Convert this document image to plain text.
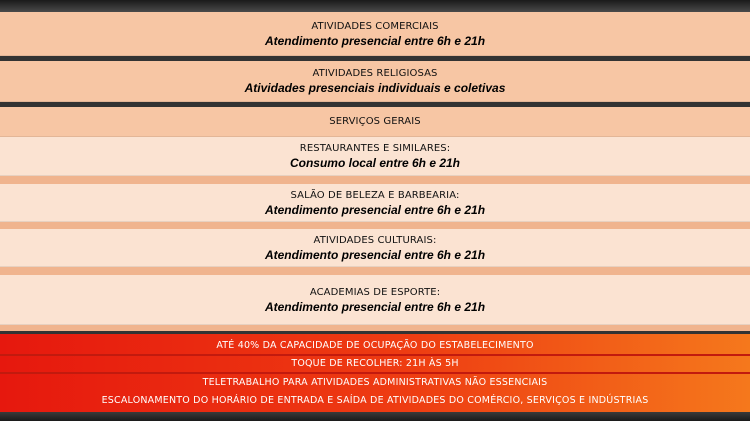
ATIVIDADES COMERCIAIS
Atendimento presencial entre 6h e 21h
ATIVIDADES RELIGIOSAS
Atividades presenciais individuais e coletivas
SERVIÇOS GERAIS
RESTAURANTES E SIMILARES:
Consumo local entre 6h e 21h
SALÃO DE BELEZA E BARBEARIA:
Atendimento presencial entre 6h e 21h
ATIVIDADES CULTURAIS:
Atendimento presencial entre 6h e 21h
ACADEMIAS DE ESPORTE:
Atendimento presencial entre 6h e 21h
ATÉ 40% DA CAPACIDADE DE OCUPAÇÃO DO ESTABELECIMENTO
TOQUE DE RECOLHER: 21H ÀS 5H
TELETRABALHO PARA ATIVIDADES ADMINISTRATIVAS NÃO ESSENCIAIS
ESCALONAMENTO DO HORÁRIO DE ENTRADA E SAÍDA DE ATIVIDADES DO COMÉRCIO, SERVIÇOS E INDÚSTRIAS
